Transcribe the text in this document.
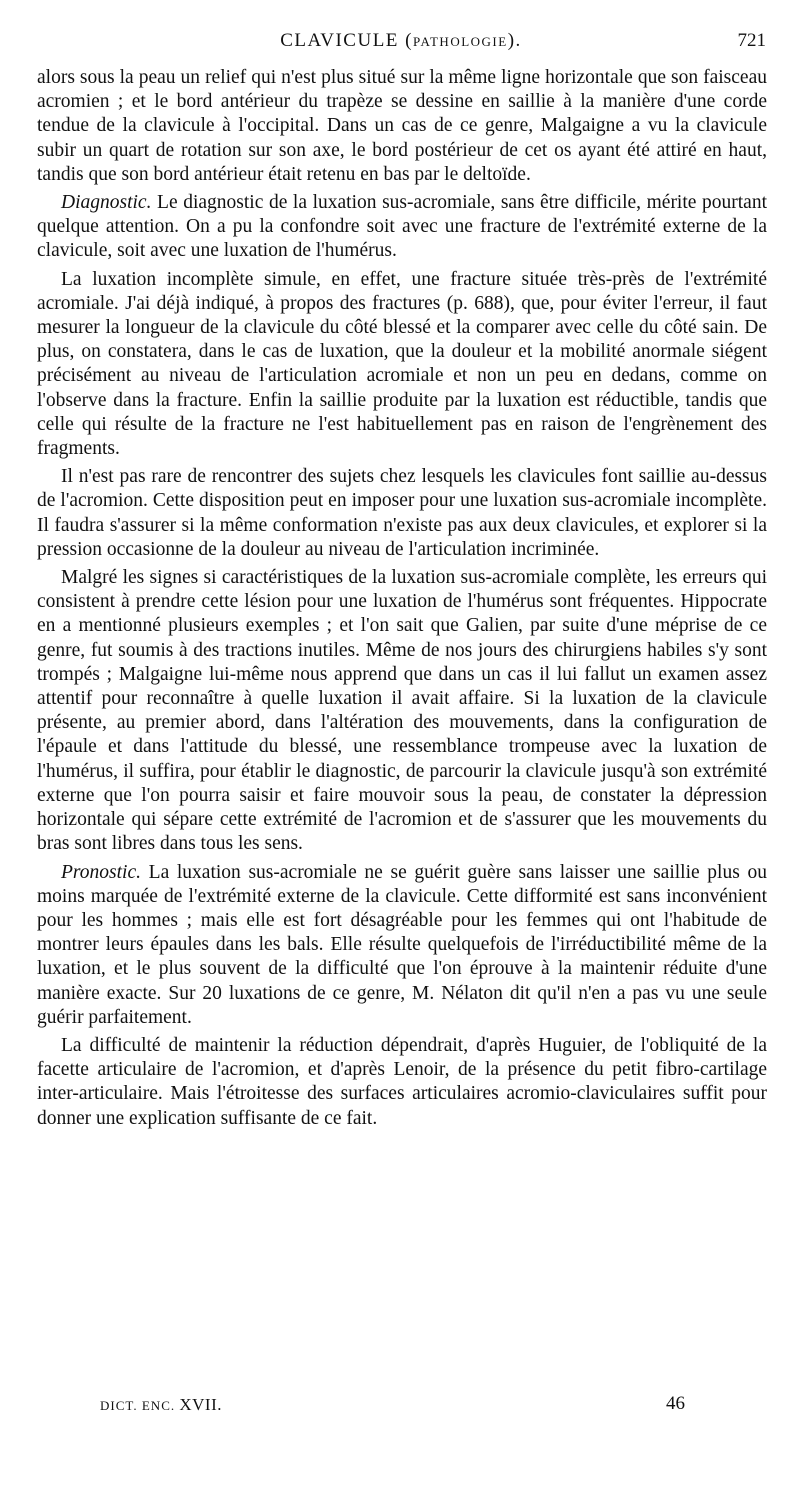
CLAVICULE (PATHOLOGIE).	721

alors sous la peau un relief qui n'est plus situé sur la même ligne horizontale que son faisceau acromien ; et le bord antérieur du trapèze se dessine en saillie à la manière d'une corde tendue de la clavicule à l'occipital. Dans un cas de ce genre, Malgaigne a vu la clavicule subir un quart de rotation sur son axe, le bord postérieur de cet os ayant été attiré en haut, tandis que son bord antérieur était retenu en bas par le deltoïde.

Diagnostic. Le diagnostic de la luxation sus-acromiale, sans être difficile, mérite pourtant quelque attention. On a pu la confondre soit avec une fracture de l'extrémité externe de la clavicule, soit avec une luxation de l'humérus.

La luxation incomplète simule, en effet, une fracture située très-près de l'extrémité acromiale. J'ai déjà indiqué, à propos des fractures (p. 688), que, pour éviter l'erreur, il faut mesurer la longueur de la clavicule du côté blessé et la comparer avec celle du côté sain. De plus, on constatera, dans le cas de luxation, que la douleur et la mobilité anormale siégent précisément au niveau de l'articulation acromiale et non un peu en dedans, comme on l'observe dans la fracture. Enfin la saillie produite par la luxation est réductible, tandis que celle qui résulte de la fracture ne l'est habituellement pas en raison de l'engrènement des fragments.

Il n'est pas rare de rencontrer des sujets chez lesquels les clavicules font saillie au-dessus de l'acromion. Cette disposition peut en imposer pour une luxation sus-acromiale incomplète. Il faudra s'assurer si la même conformation n'existe pas aux deux clavicules, et explorer si la pression occasionne de la douleur au niveau de l'articulation incriminée.

Malgré les signes si caractéristiques de la luxation sus-acromiale complète, les erreurs qui consistent à prendre cette lésion pour une luxation de l'humérus sont fréquentes. Hippocrate en a mentionné plusieurs exemples ; et l'on sait que Galien, par suite d'une méprise de ce genre, fut soumis à des tractions inutiles. Même de nos jours des chirurgiens habiles s'y sont trompés ; Malgaigne lui-même nous apprend que dans un cas il lui fallut un examen assez attentif pour reconnaître à quelle luxation il avait affaire. Si la luxation de la clavicule présente, au premier abord, dans l'altération des mouvements, dans la configuration de l'épaule et dans l'attitude du blessé, une ressemblance trompeuse avec la luxation de l'humérus, il suffira, pour établir le diagnostic, de parcourir la clavicule jusqu'à son extrémité externe que l'on pourra saisir et faire mouvoir sous la peau, de constater la dépression horizontale qui sépare cette extrémité de l'acromion et de s'assurer que les mouvements du bras sont libres dans tous les sens.

Pronostic. La luxation sus-acromiale ne se guérit guère sans laisser une saillie plus ou moins marquée de l'extrémité externe de la clavicule. Cette difformité est sans inconvénient pour les hommes ; mais elle est fort désagréable pour les femmes qui ont l'habitude de montrer leurs épaules dans les bals. Elle résulte quelquefois de l'irréductibilité même de la luxation, et le plus souvent de la difficulté que l'on éprouve à la maintenir réduite d'une manière exacte. Sur 20 luxations de ce genre, M. Nélaton dit qu'il n'en a pas vu une seule guérir parfaitement.

La difficulté de maintenir la réduction dépendrait, d'après Huguier, de l'obliquité de la facette articulaire de l'acromion, et d'après Lenoir, de la présence du petit fibro-cartilage inter-articulaire. Mais l'étroitesse des surfaces articulaires acromio-claviculaires suffit pour donner une explication suffisante de ce fait.

DICT. ENC. XVII.	46
